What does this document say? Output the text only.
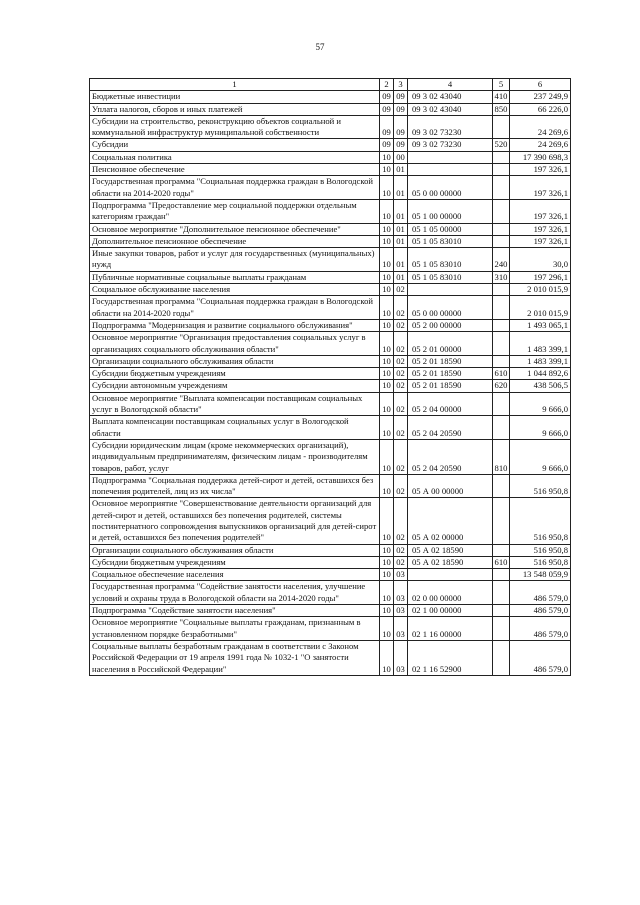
57
1	2	3	4	5	6
Бюджетные инвестиции	09	09	09 3 02 43040	410	237 249,9
Уплата налогов, сборов и иных платежей	09	09	09 3 02 43040	850	66 226,0
Субсидии на строительство, реконструкцию объектов социальной и коммунальной инфраструктур муниципальной собственности	09	09	09 3 02 73230		24 269,6
Субсидии	09	09	09 3 02 73230	520	24 269,6
Социальная политика	10	00			17 390 698,3
Пенсионное обеспечение	10	01			197 326,1
Государственная программа "Социальная поддержка граждан в Вологодской области на 2014-2020 годы"	10	01	05 0 00 00000		197 326,1
Подпрограмма "Предоставление мер социальной поддержки отдельным категориям граждан"	10	01	05 1 00 00000		197 326,1
Основное мероприятие "Дополнительное пенсионное обеспечение"	10	01	05 1 05 00000		197 326,1
Дополнительное пенсионное обеспечение	10	01	05 1 05 83010		197 326,1
Иные закупки товаров, работ и услуг для государственных (муниципальных) нужд	10	01	05 1 05 83010	240	30,0
Публичные нормативные социальные выплаты гражданам	10	01	05 1 05 83010	310	197 296,1
Социальное обслуживание населения	10	02			2 010 015,9
Государственная программа "Социальная поддержка граждан в Вологодской области на 2014-2020 годы"	10	02	05 0 00 00000		2 010 015,9
Подпрограмма "Модернизация и развитие социального обслуживания"	10	02	05 2 00 00000		1 493 065,1
Основное мероприятие "Организация предоставления социальных услуг в организациях социального обслуживания области"	10	02	05 2 01 00000		1 483 399,1
Организации социального обслуживания области	10	02	05 2 01 18590		1 483 399,1
Субсидии бюджетным учреждениям	10	02	05 2 01 18590	610	1 044 892,6
Субсидии автономным учреждениям	10	02	05 2 01 18590	620	438 506,5
Основное мероприятие "Выплата компенсации поставщикам социальных услуг в Вологодской области"	10	02	05 2 04 00000		9 666,0
Выплата компенсации поставщикам социальных услуг в Вологодской области	10	02	05 2 04 20590		9 666,0
Субсидии юридическим лицам (кроме некоммерческих организаций), индивидуальным предпринимателям, физическим лицам - производителям товаров, работ, услуг	10	02	05 2 04 20590	810	9 666,0
Подпрограмма "Социальная поддержка детей-сирот и детей, оставшихся без попечения родителей, лиц из их числа"	10	02	05 А 00 00000		516 950,8
Основное мероприятие "Совершенствование деятельности организаций для детей-сирот и детей, оставшихся без попечения родителей, системы постинтернатного сопровождения выпускников организаций для детей-сирот и детей, оставшихся без попечения родителей"	10	02	05 А 02 00000		516 950,8
Организации социального обслуживания области	10	02	05 А 02 18590		516 950,8
Субсидии бюджетным учреждениям	10	02	05 А 02 18590	610	516 950,8
Социальное обеспечение населения	10	03			13 548 059,9
Государственная программа "Содействие занятости населения, улучшение условий и охраны труда в Вологодской области на 2014-2020 годы"	10	03	02 0 00 00000		486 579,0
Подпрограмма "Содействие занятости населения"	10	03	02 1 00 00000		486 579,0
Основное мероприятие "Социальные выплаты гражданам, признанным в установленном порядке безработными"	10	03	02 1 16 00000		486 579,0
Социальные выплаты безработным гражданам в соответствии с Законом Российской Федерации от 19 апреля 1991 года № 1032-1 "О занятости населения в Российской Федерации"	10	03	02 1 16 52900		486 579,0
